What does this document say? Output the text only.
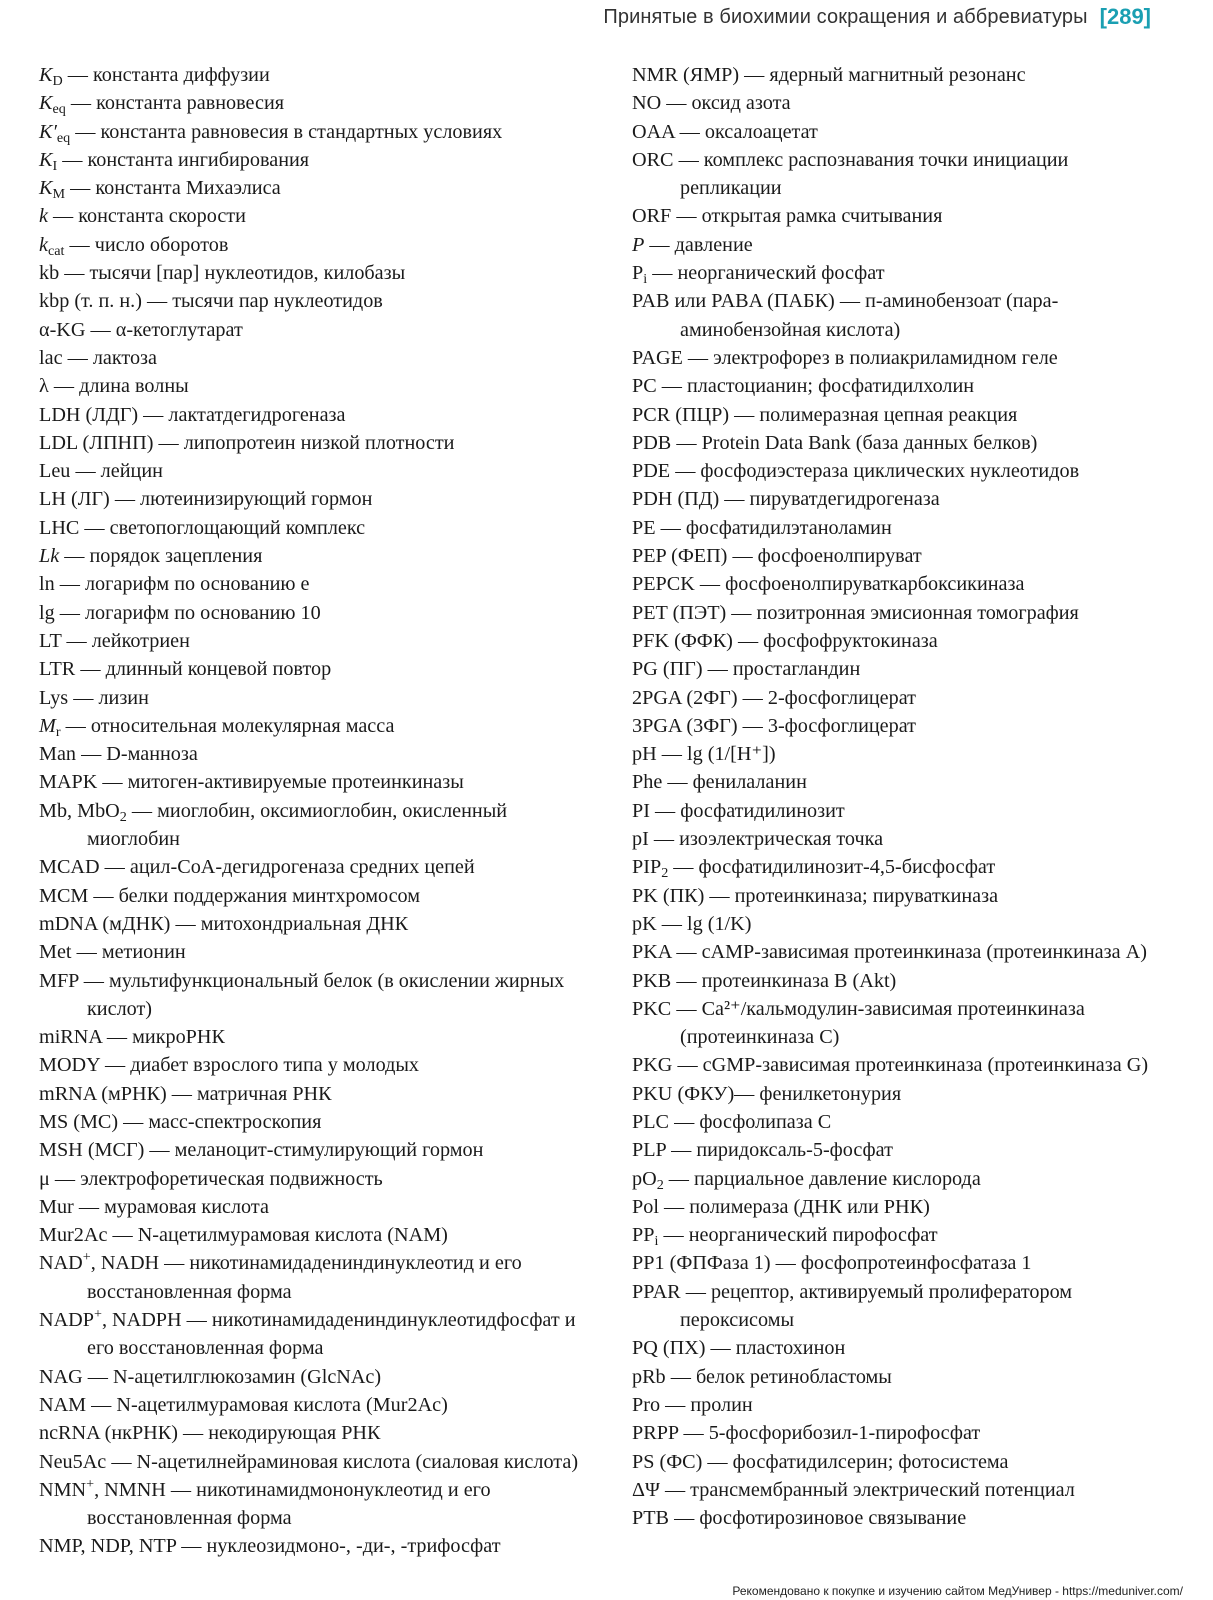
Принятые в биохимии сокращения и аббревиатуры [289]
$K_D$ — константа диффузии
$K_{eq}$ — константа равновесия
$K'_{eq}$ — константа равновесия в стандартных условиях
$K_I$ — константа ингибирования
$K_M$ — константа Михаэлиса
k — константа скорости
$k_{cat}$ — число оборотов
kb — тысячи [пар] нуклеотидов, килобазы
kbp (т. п. н.) — тысячи пар нуклеотидов
α-KG — α-кетоглутарат
lac — лактоза
λ — длина волны
LDH (ЛДГ) — лактатдегидрогеназа
LDL (ЛПНП) — липопротеин низкой плотности
Leu — лейцин
LH (ЛГ) — лютеинизирующий гормон
LHC — светопоглощающий комплекс
Lk — порядок зацепления
ln — логарифм по основанию e
lg — логарифм по основанию 10
LT — лейкотриен
LTR — длинный концевой повтор
Lys — лизин
$M_r$ — относительная молекулярная масса
Man — D-манноза
MAPK — митоген-активируемые протеинкиназы
Mb, MbO$_2$ — миоглобин, оксимиоглобин, окисленный миоглобин
MCAD — ацил-CoA-дегидрогеназа средних цепей
MCM — белки поддержания минтхромосом
mDNA (мДНК) — митохондриальная ДНК
Met — метионин
MFP — мультифункциональный белок (в окислении жирных кислот)
miRNA — микроРНК
MODY — диабет взрослого типа у молодых
mRNA (мРНК) — матричная РНК
MS (МС) — масс-спектроскопия
MSH (МСГ) — меланоцит-стимулирующий гормон
μ — электрофоретическая подвижность
Mur — мурамовая кислота
Mur2Ac — N-ацетилмурамовая кислота (NAM)
NAD+, NADH — никотинамидадениндинуклеотид и его восстановленная форма
NADP+, NADPH — никотинамидадениндинуклеотидфосфат и его восстановленная форма
NAG — N-ацетилглюкозамин (GlcNAc)
NAM — N-ацетилмурамовая кислота (Mur2Ac)
ncRNA (нкРНК) — некодирующая РНК
Neu5Ac — N-ацетилнейраминовая кислота (сиаловая кислота)
NMN+, NMNH — никотинамидмононуклеотид и его восстановленная форма
NMP, NDP, NTP — нуклеозидмоно-, -ди-, -трифосфат
NMR (ЯМР) — ядерный магнитный резонанс
NO — оксид азота
OAA — оксалоацетат
ORC — комплекс распознавания точки инициации репликации
ORF — открытая рамка считывания
P — давление
$P_i$ — неорганический фосфат
PAB или PABA (ПАБК) — п-аминобензоат (пара-аминобензойная кислота)
PAGE — электрофорез в полиакриламидном геле
PC — пластоцианин; фосфатидилхолин
PCR (ПЦР) — полимеразная цепная реакция
PDB — Protein Data Bank (база данных белков)
PDE — фосфодиэстераза циклических нуклеотидов
PDH (ПД) — пируватдегидрогеназа
PE — фосфатидилэтаноламин
PEP (ФЕП) — фосфоенолпируват
PEPCK — фосфоенолпируваткарбоксикиназа
PET (ПЭТ) — позитронная эмисионная томография
PFK (ФФК) — фосфофруктокиназа
PG (ПГ) — простагландин
2PGA (2ФГ) — 2-фосфоглицерат
3PGA (3ФГ) — 3-фосфоглицерат
pH — lg (1/[H⁺])
Phe — фенилаланин
PI — фосфатидилинозит
pI — изоэлектрическая точка
$PIP_2$ — фосфатидилинозит-4,5-бисфосфат
PK (ПК) — протеинкиназа; пируваткиназа
pK — lg (1/K)
PKA — cAMP-зависимая протеинкиназа (протеинкиназа А)
PKB — протеинкиназа В (Akt)
PKC — Ca²⁺/кальмодулин-зависимая протеинкиназа (протеинкиназа С)
PKG — cGMP-зависимая протеинкиназа (протеинкиназа G)
PKU (ФКУ)— фенилкетонурия
PLC — фосфолипаза С
PLP — пиридоксаль-5-фосфат
$pO_2$ — парциальное давление кислорода
Pol — полимераза (ДНК или РНК)
$PP_i$ — неорганический пирофосфат
PP1 (ФПФаза 1) — фосфопротеинфосфатаза 1
PPAR — рецептор, активируемый пролифератором пероксисомы
PQ (ПХ) — пластохинон
pRb — белок ретинобластомы
Pro — пролин
PRPP — 5-фосфорибозил-1-пирофосфат
PS (ФС) — фосфатидилсерин; фотосистема
ΔΨ — трансмембранный электрический потенциал
PTB — фосфотирозиновое связывание
Рекомендовано к покупке и изучению сайтом МедУнивер - https://meduniver.com/
